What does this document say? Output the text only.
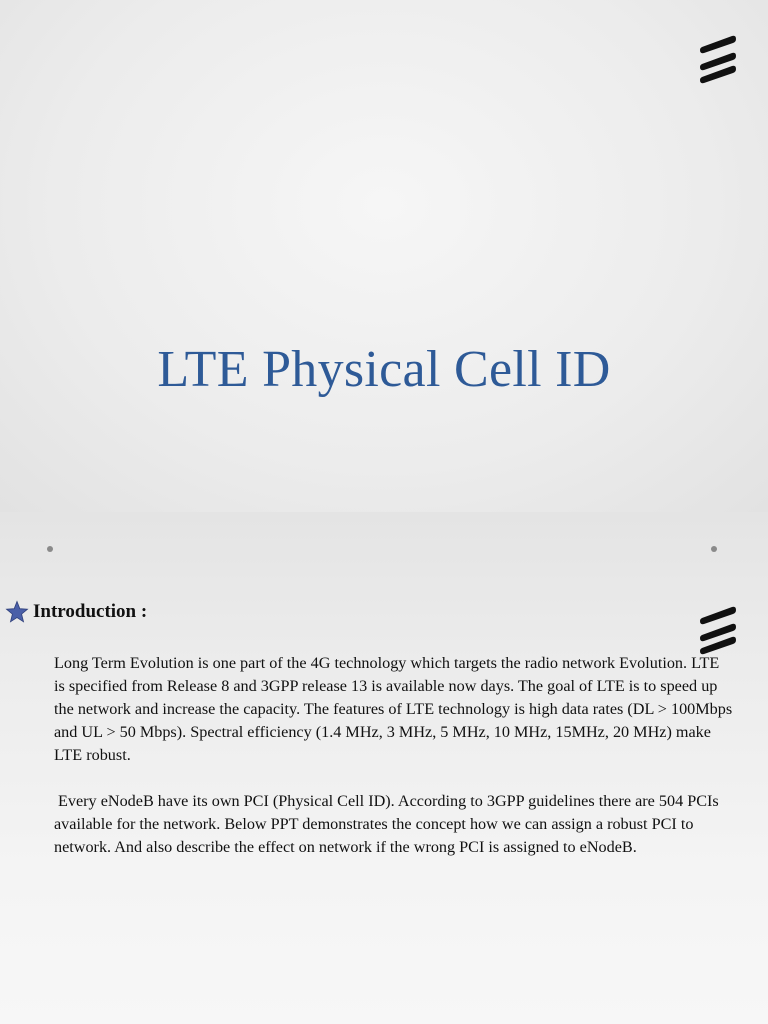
LTE Physical Cell ID
Introduction :

Long Term Evolution is one part of the 4G technology which targets the radio network Evolution. LTE is specified from Release 8 and 3GPP release 13 is available now days. The goal of LTE is to speed up the network and increase the capacity. The features of LTE technology is high data rates (DL > 100Mbps and UL > 50 Mbps). Spectral efficiency (1.4 MHz, 3 MHz, 5 MHz, 10 MHz, 15MHz, 20 MHz) make LTE robust.

Every eNodeB have its own PCI (Physical Cell ID). According to 3GPP guidelines there are 504 PCIs available for the network. Below PPT demonstrates the concept how we can assign a robust PCI to network. And also describe the effect on network if the wrong PCI is assigned to eNodeB.
